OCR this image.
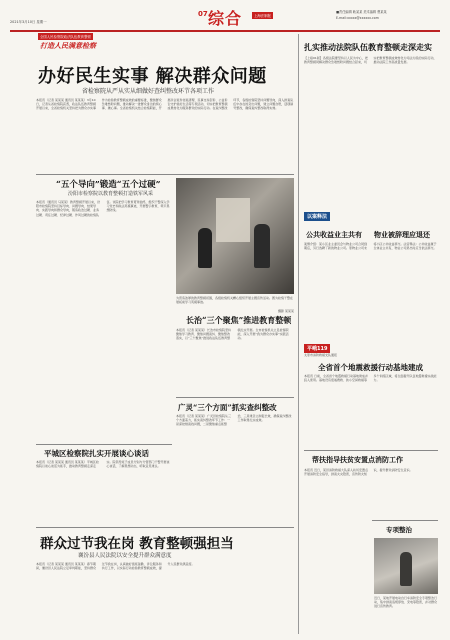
2021年3月10日 星期一
07 综合	上海法制报
■责任编辑 耿某某 美术编辑 曹某某
E-mail:xxxxx@xxxxxx.com
全国人民检察院政法队伍教育整顿
打造人民满意检察
办好民生实事 解决群众问题
省检察院从严从实从细做好查纠整改环节各项工作
本报讯（记者 某某某 通讯员 某某某）3月10日，记者从省检察院获悉，政法队伍教育整顿开展以来，全省检察机关坚持把为群众办实事作为检验教育整顿成效的重要标准，聚焦群众急难愁盼问题，推动解决一批群众身边的烦心事、揪心事。全省检察机关结合检察职能，开展涉企案件挂案清理、民事支持起诉、公益诉讼守护美好生活等专项活动，切实把教育整顿成果转化为服务群众的实际行动。在查纠整改环节，各级检察院坚持问题导向，深入排查队伍中存在的突出问题，建立问题台账，逐项销号整改，确保查纠整改取得实效。
“五个导向”锻造“五个过硬”
汾阳市检察院以教育整顿打造铁军风采
本报讯（通讯员 马某某）教育整顿开展以来，汾阳市检察院坚持目标导向、问题导向、结果导向、实践导向和群众导向，锻造政治过硬、业务过硬、责任过硬、纪律过硬、作风过硬的检察队伍。该院把学习教育贯穿始终，组织干警深入学习党史和政法英模事迹，开展警示教育，筑牢思想防线。
为营造浓厚的教育整顿氛围，各级检察机关精心组织开展主题宣传活动。图为检察干警在展板前学习英模事迹。
摄影 某某某
长治“三个聚焦”推进教育整顿
本报讯（记者 某某某）长治市检察院坚持聚焦学习教育、聚焦问题查纠、聚焦整改落实，以“三个聚焦”推进政法队伍教育整顿扎实开展。全市检察机关立足检察职能，深入开展“我为群众办实事”实践活动。
广灵“三个方面”抓实查纠整改
本报讯（记者 某某某）广灵县检察院从三个方面着力，抓实查纠整改环节工作：一是深挖细查找问题，二是聚焦重点抓整治，三是建章立制促长效，确保查纠整改工作取得扎实成效。
平城区检察院扎实开展谈心谈话
本报讯（记者 某某某 通讯员 某某某）平城区检察院以谈心谈话为抓手，推动教育整顿走深走实。院领导班子成员分别与分管部门干警开展谈心谈话，了解思想动态，听取意见建议。
群众过节我在岗 教育整顿强担当
襄汾县人民法院以安全提升群众满意度
本报讯（记者 某某某 通讯员 某某某）春节期间，襄汾县人民法院立足审判职能，坚持群众过节我在岗，认真做好值班备勤、诉讼服务和执行工作，以实际行动检验教育整顿成效，提升人民群众满意度。
扎实推动法院队伍教育整顿走深走实
【上接01版】各级法院要坚持以人民为中心，把教育整顿同解决群众急难愁盼问题结合起来，切实把教育整顿成效转化为司法为民的实际行动，推动法院工作高质量发展。
以案释法
公共收益业主共有 物业被辞理应退还
案情介绍：某小区业主委员会与物业公司合同到期后，另行选聘了新的物业公司。原物业公司未将小区公共收益移交。法官释法：公共收益属于全体业主共有，物业公司退出时应当依法移交。
平峨119
太原市消防救援支队通报
全省首个地震救援行动基地建成
本报讯 日前，全省首个地震救援行动基地建成并投入使用。基地设有废墟搜救、狭小空间救援等多个训练区域，将全面提升队伍地震救援实战能力。
帮扶指导扶贫安置点消防工作
本报讯 近日，某县消防救援大队深入扶贫安置点开展消防安全指导，排查火灾隐患，宣传防火知识，提升群众消防安全意识。
专项整治
近日，某地开展电动自行车消防安全专项整治行动，集中排查违规停放、充电等隐患，并对群众进行宣传教育。
